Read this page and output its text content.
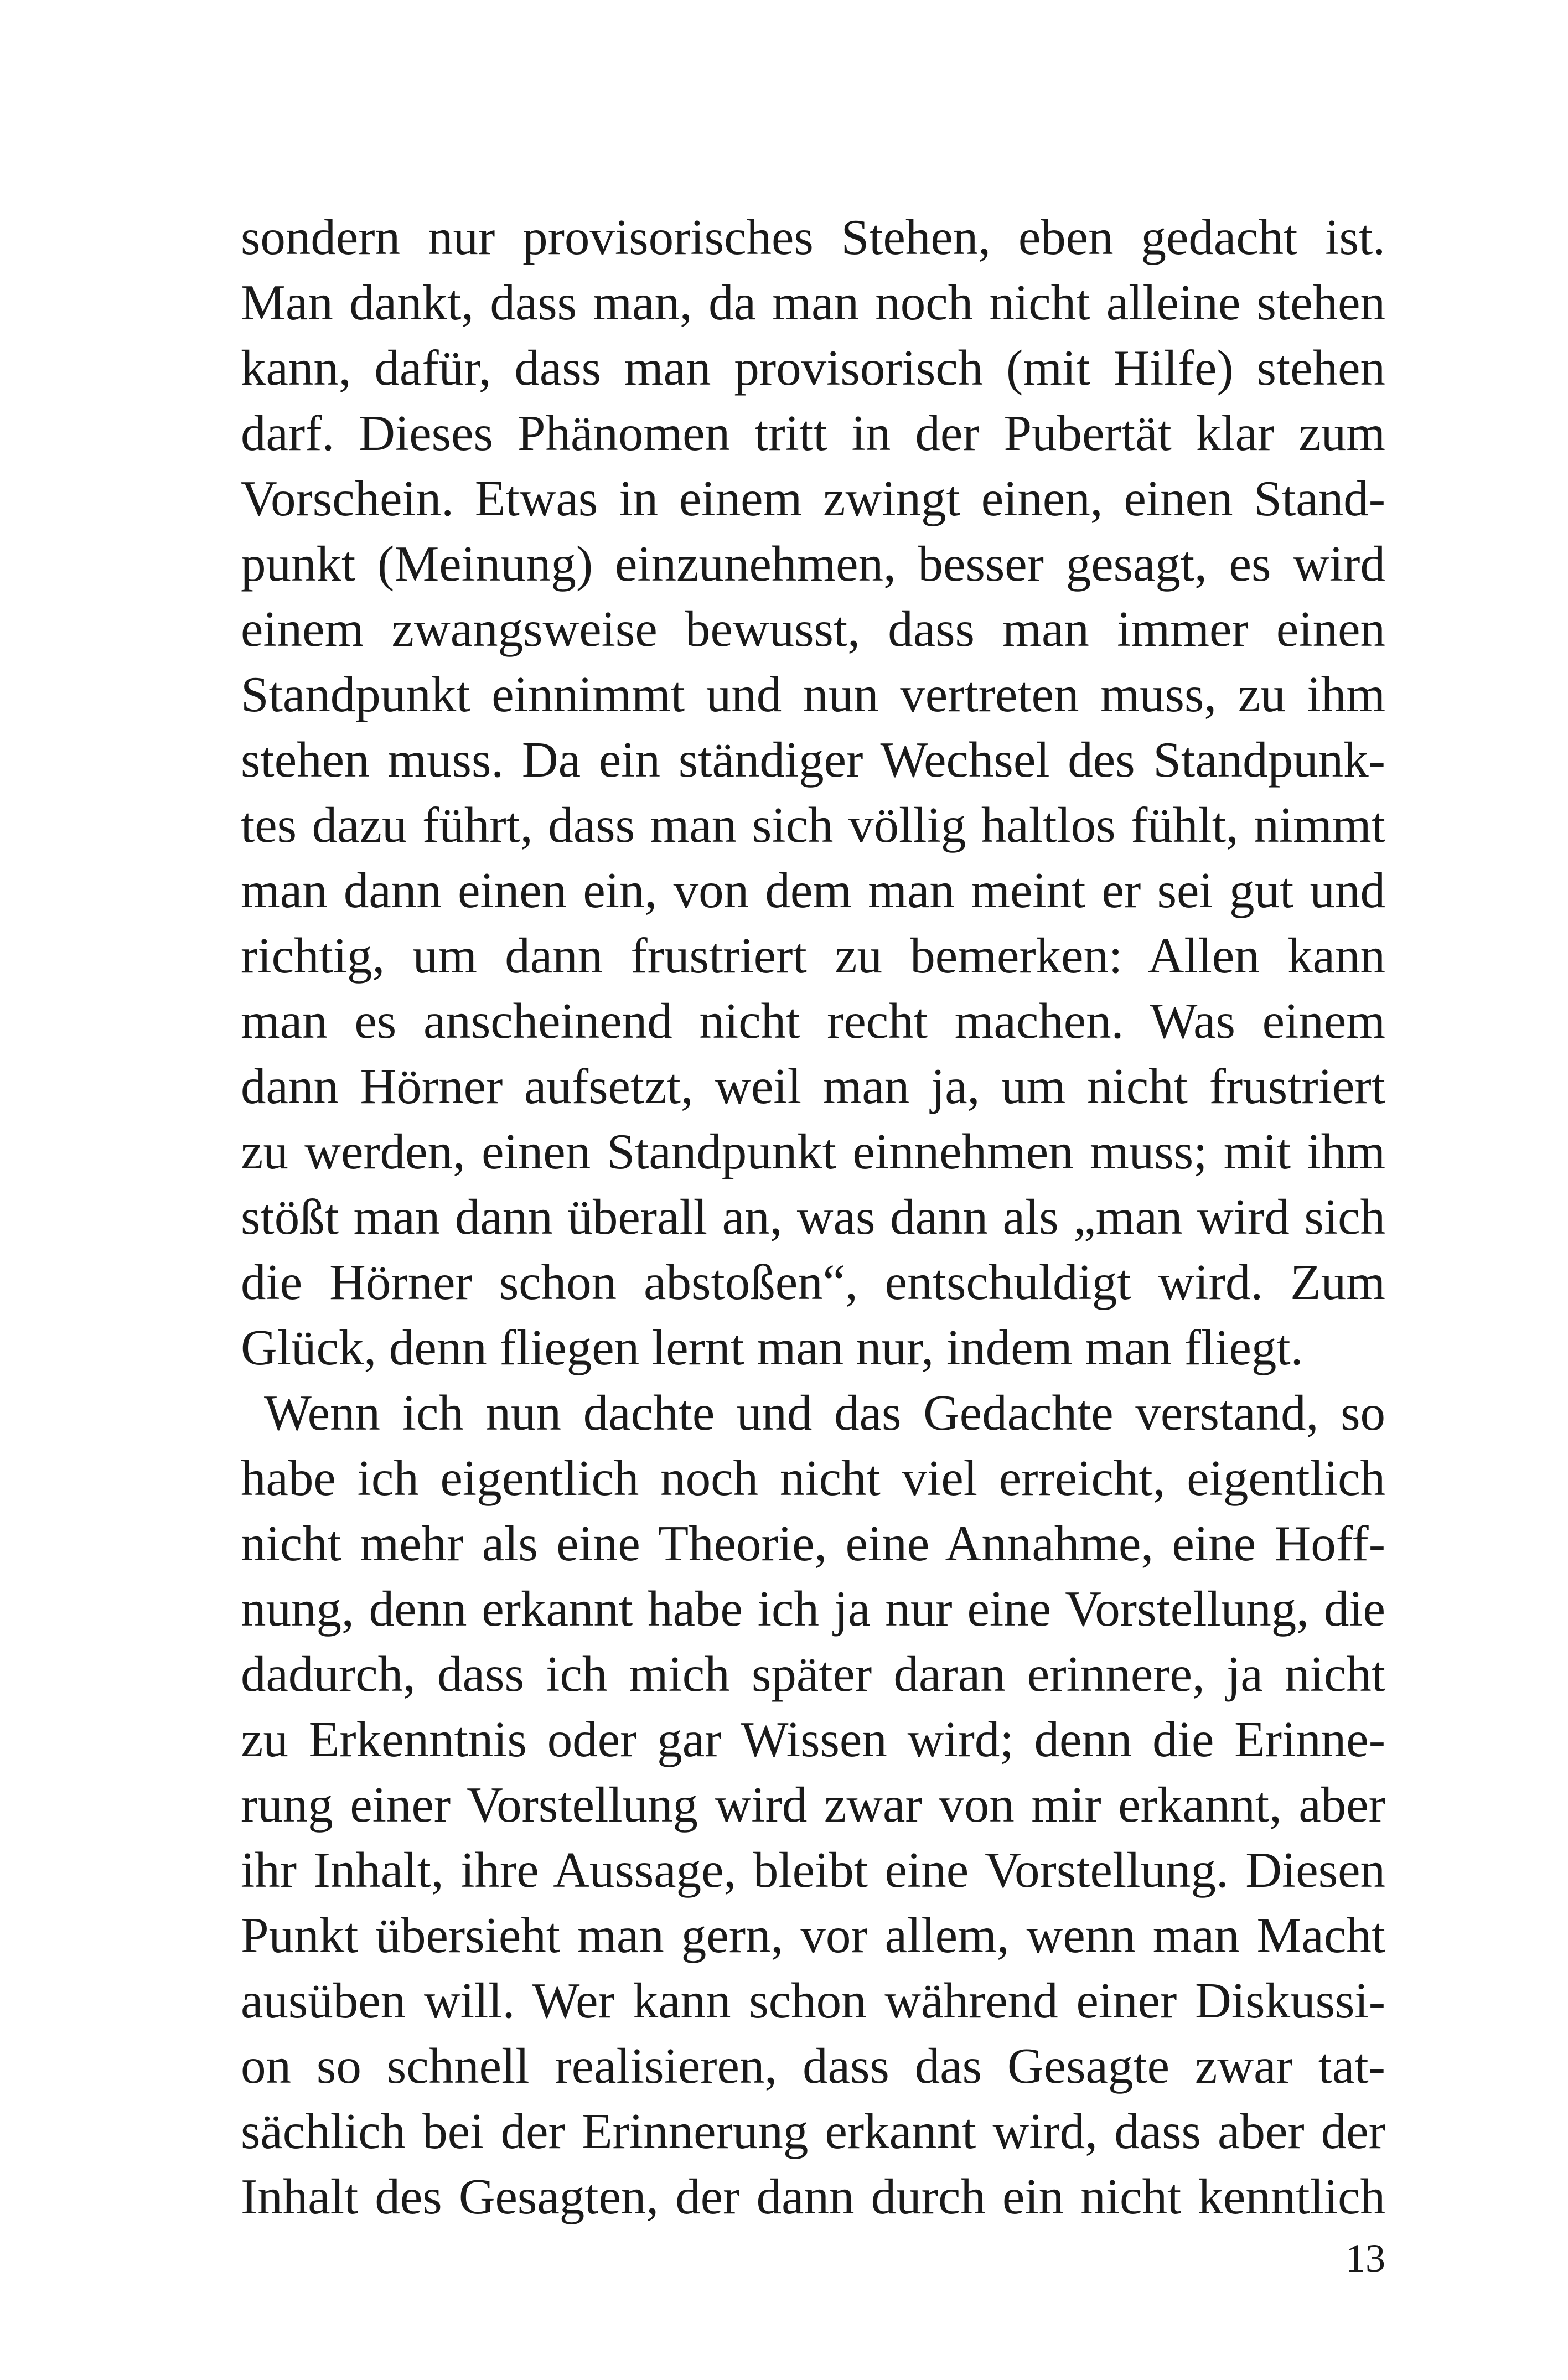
sondern nur provisorisches Stehen, eben gedacht ist.
Man dankt, dass man, da man noch nicht alleine stehen
kann, dafür, dass man provisorisch (mit Hilfe) stehen
darf. Dieses Phänomen tritt in der Pubertät klar zum
Vorschein. Etwas in einem zwingt einen, einen Stand-
punkt (Meinung) einzunehmen, besser gesagt, es wird
einem zwangsweise bewusst, dass man immer einen
Standpunkt einnimmt und nun vertreten muss, zu ihm
stehen muss. Da ein ständiger Wechsel des Standpunk-
tes dazu führt, dass man sich völlig haltlos fühlt, nimmt
man dann einen ein, von dem man meint er sei gut und
richtig, um dann frustriert zu bemerken: Allen kann
man es anscheinend nicht recht machen. Was einem
dann Hörner aufsetzt, weil man ja, um nicht frustriert
zu werden, einen Standpunkt einnehmen muss; mit ihm
stößt man dann überall an, was dann als „man wird sich
die Hörner schon abstoßen“, entschuldigt wird. Zum
Glück, denn fliegen lernt man nur, indem man fliegt.
Wenn ich nun dachte und das Gedachte verstand, so
habe ich eigentlich noch nicht viel erreicht, eigentlich
nicht mehr als eine Theorie, eine Annahme, eine Hoff-
nung, denn erkannt habe ich ja nur eine Vorstellung, die
dadurch, dass ich mich später daran erinnere, ja nicht
zu Erkenntnis oder gar Wissen wird; denn die Erinne-
rung einer Vorstellung wird zwar von mir erkannt, aber
ihr Inhalt, ihre Aussage, bleibt eine Vorstellung. Diesen
Punkt übersieht man gern, vor allem, wenn man Macht
ausüben will. Wer kann schon während einer Diskussi-
on so schnell realisieren, dass das Gesagte zwar tat-
sächlich bei der Erinnerung erkannt wird, dass aber der
Inhalt des Gesagten, der dann durch ein nicht kenntlich
13
